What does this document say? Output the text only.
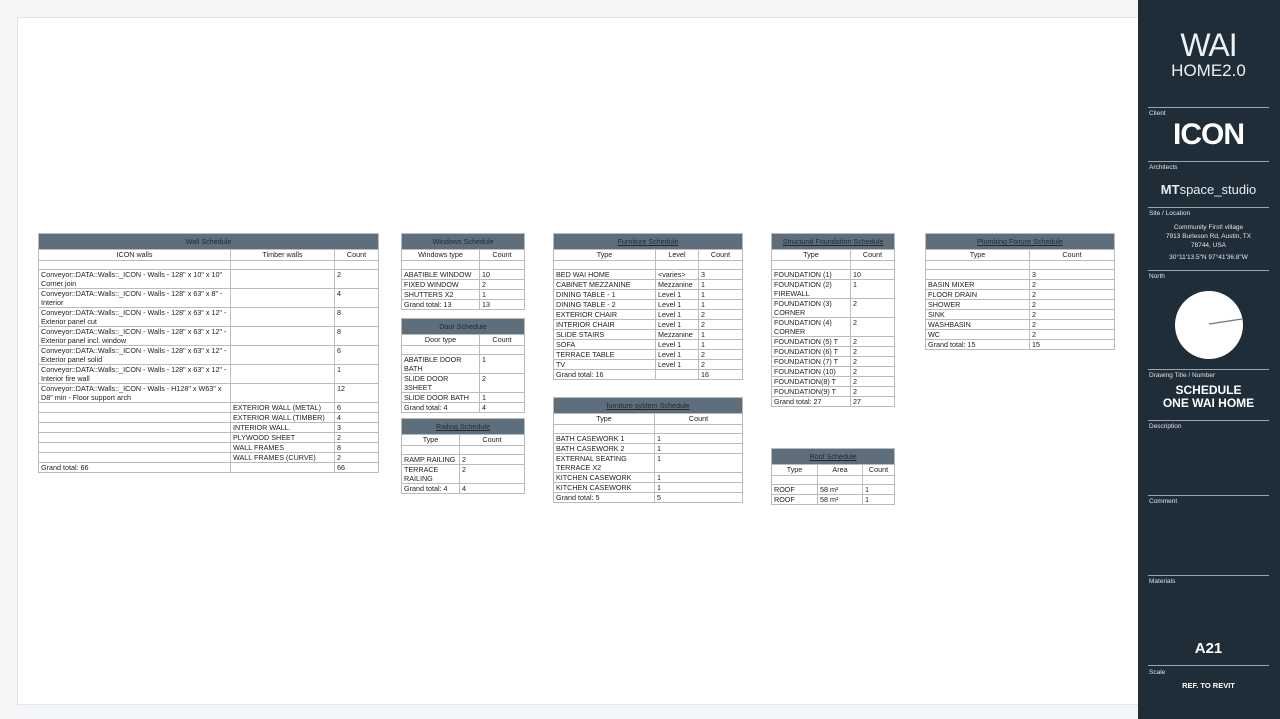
Wall Schedule		
ICON walls	Timber walls	Count

Conveyor::DATA::Walls::_ICON - Walls - 128" x 10" x 10" Corner join		2
Conveyor::DATA::Walls::_ICON - Walls - 128" x 63" x 8" - Interior		4
Conveyor::DATA::Walls::_ICON - Walls - 128" x 63" x 12" - Exterior panel cut		8
Conveyor::DATA::Walls::_ICON - Walls - 128" x 63" x 12" - Exterior panel incl. window		8
Conveyor::DATA::Walls::_ICON - Walls - 128" x 63" x 12" - Exterior panel solid		6
Conveyor::DATA::Walls::_ICON - Walls - 128" x 63" x 12" - Interior fire wall		1
Conveyor::DATA::Walls::_ICON - Walls - H128" x W63" x D8" min - Floor support arch		12
	EXTERIOR WALL (METAL)	6
	EXTERIOR WALL (TIMBER)	4
	INTERIOR WALL.	3
	PLYWOOD SHEET	2
	WALL FRAMES	8
	WALL FRAMES (CURVE)	2
Grand total: 66		66
Windows Schedule	
Windows type	Count

ABATIBLE WINDOW	10
FIXED WINDOW	2
SHUTTERS X2	1
Grand total: 13	13
Door Schedule	
Door type	Count

ABATIBLE DOOR BATH	1
SLIDE DOOR 3SHEET	2
SLIDE DOOR BATH	1
Grand total: 4	4
Railing Schedule	
Type	Count

RAMP RAILING	2
TERRACE RAILING	2
Grand total: 4	4
Furniture Schedule		
Type	Level	Count

BED WAI HOME	<varies>	3
CABINET MEZZANINE	Mezzanine	1
DINING TABLE - 1	Level 1	1
DINING TABLE - 2	Level 1	1
EXTERIOR CHAIR	Level 1	2
INTERIOR CHAIR	Level 1	2
SLIDE STAIRS	Mezzanine	1
SOFA	Level 1	1
TERRACE TABLE	Level 1	2
TV	Level 1	2
Grand total: 16		16
furniture system Schedule	
Type	Count

BATH CASEWORK 1	1
BATH CASEWORK 2	1
EXTERNAL SEATING TERRACE X2	1
KITCHEN CASEWORK	1
KITCHEN CASEWORK	1
Grand total: 5	5
Structural Foundation Schedule	
Type	Count

FOUNDATION (1)	10
FOUNDATION (2) FIREWALL	1
FOUNDATION (3) CORNER	2
FOUNDATION (4) CORNER	2
FOUNDATION (5) T	2
FOUNDATION (6) T	2
FOUNDATION (7) T	2
FOUNDATION (10)	2
FOUNDATION(8) T	2
FOUNDATION(9) T	2
Grand total: 27	27
Roof Schedule		
Type	Area	Count

ROOF	58 m²	1
ROOF	58 m²	1
Plumbing Fixture Schedule	
Type	Count

	3
BASIN MIXER	2
FLOOR DRAIN	2
SHOWER	2
SINK	2
WASHBASIN	2
WC	2
Grand total: 15	15
WAI
HOME2.0
Client
ICON
Architects
MTspace_studio
Site / Location
Community First! village
7913 Burleson Rd, Austin, TX
78744, USA
30°11'13.5"N 97°41'36.8"W
North
Drawing Title / Number
SCHEDULE
ONE WAI HOME
Description
Comment
Materials
A21
Scale
REF. TO REVIT
